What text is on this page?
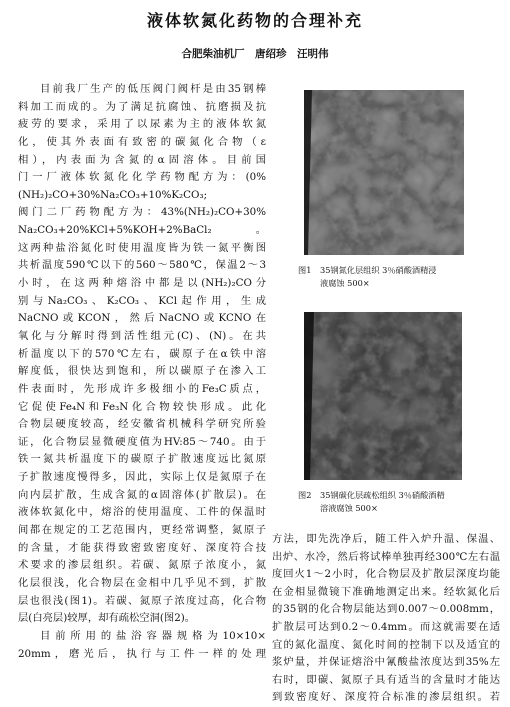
液体软氮化药物的合理补充
合肥柴油机厂　唐绍珍　汪明伟
目前我厂生产的低压阀门阀杆是由35钢棒
料加工而成的。为了满足抗腐蚀、抗磨损及抗
疲劳的要求，采用了以尿素为主的液体软氮
化，使其外表面有致密的碳氮化合物（ε
相），内表面为含氮的α固溶体。目前国
门一厂液体软氮化化学药物配方为：(0%
(NH₂)₂CO+30%Na₂CO₃+10%K₂CO₃;
阀门二厂药物配方为：43%(NH₂)₂CO+30%
Na₂CO₃+20%KCl+5%KOH+2%BaCl₂。
这两种盐浴氮化时使用温度皆为铁一氮平衡图
共析温度590℃以下的560～580℃，保温2～3
小时，在这两种熔浴中都是以(NH₂)₂CO分
别与Na₂CO₃、K₂CO₃、KCl起作用，生成
NaCNO或KCON，然后NaCNO或KCNO在
氧化与分解时得到活性组元(C)、(N)。在共
析温度以下的570℃左右，碳原子在α铁中溶
解度低，很快达到饱和，所以碳原子在渗入工
件表面时，先形成许多极细小的Fe₃C质点，
它促使Fe₄N和Fe₃N化合物较快形成。此化
合物层硬度较高，经安徽省机械科学研究所验
证，化合物层显微硬度值为HV:85～740。由于
铁一氮共析温度下的碳原子扩散速度远比氮原
子扩散速度慢得多，因此，实际上仅是氮原子在
向内层扩散，生成含氮的α固溶体(扩散层)。在
液体软氮化中，熔浴的使用温度、工件的保温时
间都在规定的工艺范围内，更经常调整，氮原子
的含量，才能获得致密致密度好、深度符合技
术要求的渗层组织。若碳、氮原子浓度小，氮
化层很浅，化合物层在金相中几乎见不到，扩散
层也很浅(图1)。若碳、氮原子浓度过高，化合物
层(白亮层)较厚，却有疏松空洞(图2)。
目前所用的盐浴容器规格为10×10×
20mm，磨光后，执行与工件一样的处理
图1 35钢氮化层组织 3％硝酸酒精浸
液腐蚀 500×
图2 35钢碳化层疏松组织 3％硝酸酒精
溶液腐蚀 500×
方法，即先洗净后，随工件入炉升温、保温、
出炉、水冷，然后将试棒单独再经300℃左右温
度回火1～2小时，化合物层及扩散层深度均能
在金相显微镜下准确地测定出来。经软氮化后
的35钢的化合物层能达到0.007～0.008mm，
扩散层可达到0.2～0.4mm。而这就需要在适
宜的氮化温度、氮化时间的控制下以及适宜的
浆炉量，并保证熔浴中氰酸盐浓度达到35%左
右时，即碳、氮原子具有适当的含量时才能达
到致密度好、深度符合标准的渗层组织。若
